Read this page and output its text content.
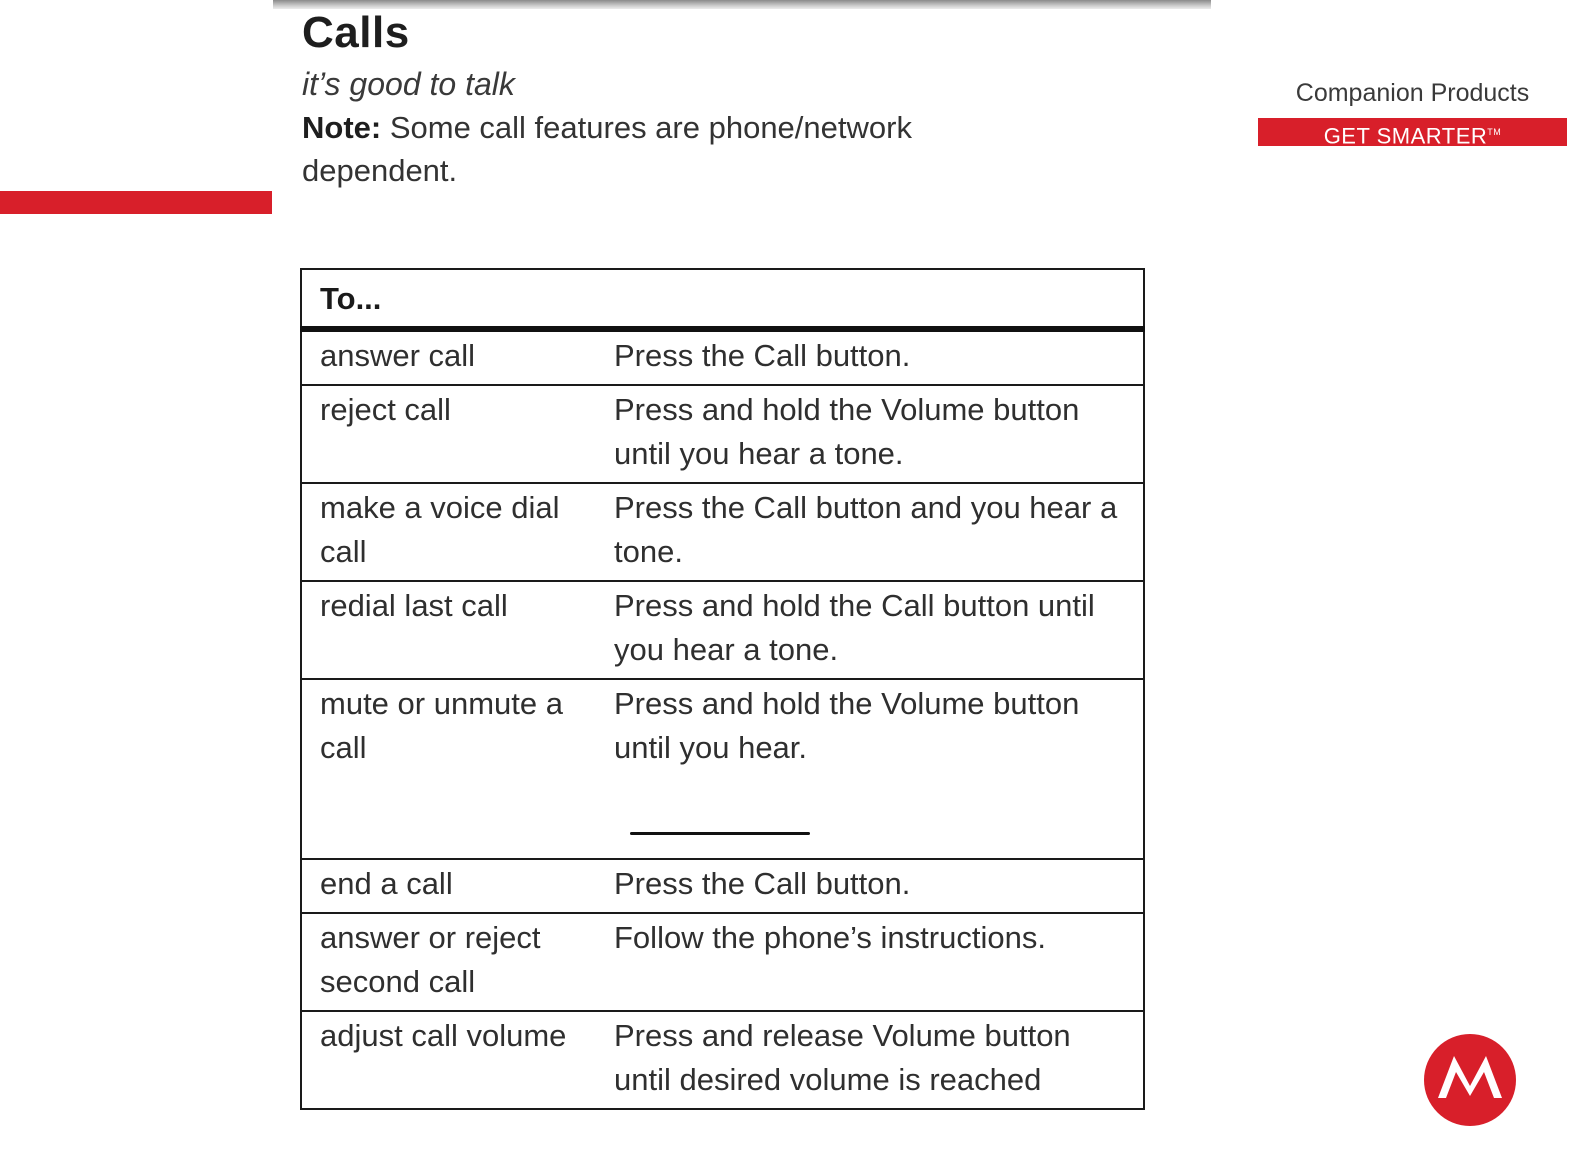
Calls

it’s good to talk

Note: Some call features are phone/network dependent.

Companion Products
GET SMARTER™
To...	
answer call	Press the Call button.
reject call	Press and hold the Volume button until you hear a tone.
make a voice dial call	Press the Call button and you hear a tone.
redial last call	Press and hold the Call button until you hear a tone.
mute or unmute a call	Press and hold the Volume button until you hear.
end a call	Press the Call button.
answer or reject second call	Follow the phone’s instructions.
adjust call volume	Press and release Volume button until desired volume is reached
